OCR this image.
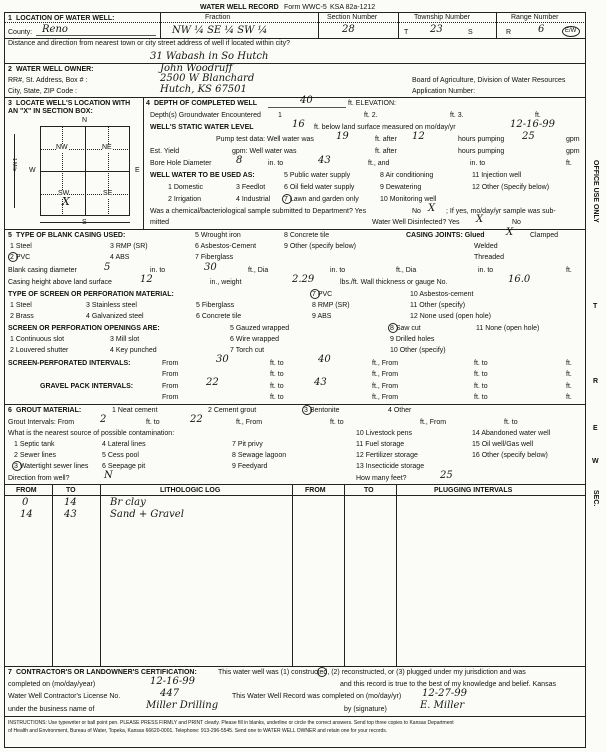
WATER WELL RECORD Form WWC-5 KSA 82a-1212
1 LOCATION OF WATER WELL:	Fraction	Section Number	Township Number	Range Number
County: Reno	NW ¼ SE ¼ SW ¼	28	T 23	S	R	6	E/W
Distance and direction from nearest town or city street address of well if located within city?
31 Wabash in So Hutch
2 WATER WELL OWNER:	John Woodruff
RR#, St. Address, Box # :	2500 W Blanchard
City, State, ZIP Code :	Hutch, KS 67501
Board of Agriculture, Division of Water Resources
Application Number:
3 LOCATE WELL'S LOCATION WITH
AN "X" IN SECTION BOX:
N
S
W	E
NW	NE
SW	SE
X
1 Mile
4 DEPTH OF COMPLETED WELL	40	ft. ELEVATION:
Depth(s) Groundwater Encountered 1	ft. 2.	ft. 3.	ft.
WELL'S STATIC WATER LEVEL	16 ft. below land surface measured on mo/day/yr	12-16-99
Pump test data: Well water was 19	ft. after 12	hours pumping 25	gpm
Est. Yield	gpm: Well water was	ft. after	hours pumping	gpm
Bore Hole Diameter 8	in. to	43	ft., and	in. to	ft.
WELL WATER TO BE USED AS:
1 Domestic	3 Feedlot
5 Public water supply	8 Air conditioning	11 Injection well
2 Irrigation	4 Industrial 7 Lawn and garden only
9 Dewatering	12 Other (Specify below)
6 Oil field water supply
10 Monitoring well
Was a chemical/bacteriological sample submitted to Department? Yes	No X ; If yes, mo/day/yr sample was sub-
mitted	Water Well Disinfected? Yes X	No
5 TYPE OF BLANK CASING USED:
1 Steel	3 RMP (SR)
5 Wrought iron	8 Concrete tile
2 PVC	4 ABS
6 Asbestos-Cement
7 Fiberglass
9 Other (specify below)
CASING JOINTS: Glued X Clamped
Welded
Threaded
Blank casing diameter	5	in. to	30	ft., Dia	in. to	ft., Dia	in. to	ft.
Casing height above land surface	12	in., weight	2.29	lbs./ft. Wall thickness or gauge No.	16.0
TYPE OF SCREEN OR PERFORATION MATERIAL:
1 Steel	3 Stainless steel	5 Fiberglass
7 PVC	10 Asbestos-cement
2 Brass	4 Galvanized steel	6 Concrete tile
8 RMP (SR)
9 ABS
11 Other (specify)
12 None used (open hole)
SCREEN OR PERFORATION OPENINGS ARE:
1 Continuous slot	3 Mill slot
5 Gauzed wrapped	8 Saw cut	11 None (open hole)
2 Louvered shutter	4 Key punched
6 Wire wrapped	9 Drilled holes
7 Torch cut	10 Other (specify)
SCREEN-PERFORATED INTERVALS:	From	30	ft. to	40	ft., From	ft. to	ft.
From	ft. to	ft., From	ft. to	ft.
GRAVEL PACK INTERVALS:	From	22	ft. to	43	ft., From	ft. to	ft.
From	ft. to	ft., From	ft. to	ft.
6 GROUT MATERIAL:	1 Neat cement	2 Cement grout	3 Bentonite	4 Other
Grout Intervals: From	2	ft. to	22	ft., From	ft. to	ft., From	ft. to
What is the nearest source of possible contamination:
1 Septic tank	4 Lateral lines	7 Pit privy
10 Livestock pens	14 Abandoned water well
2 Sewer lines	5 Cess pool	8 Sewage lagoon
11 Fuel storage	15 Oil well/Gas well
3 Watertight sewer lines 6 Seepage pit	9 Feedyard
12 Fertilizer storage	16 Other (specify below)
13 Insecticide storage
Direction from well?	N	How many feet?	25
FROM	TO	LITHOLOGIC LOG	FROM	TO	PLUGGING INTERVALS
0	14	Br clay
14	43	Sand + Gravel
7 CONTRACTOR'S OR LANDOWNER'S CERTIFICATION:	This water well was (1) constructed, (2) reconstructed, or (3) plugged under my jurisdiction and was
completed on (mo/day/year)	12-16-99	and this record is true to the best of my knowledge and belief. Kansas
Water Well Contractor's License No.	447	This Water Well Record was completed on (mo/day/yr) 12-27-99
under the business name of	Miller Drilling	by (signature)	E. Miller
INSTRUCTIONS: Use typewriter or ball point pen. PLEASE PRESS FIRMLY and PRINT clearly. Please fill in blanks, underline or circle the correct answers. Send top three copies to Kansas Department
of Health and Environment, Bureau of Water, Topeka, Kansas 66620-0001. Telephone: 913-296-5545. Send one to WATER WELL OWNER and retain one for your records.
OFFICE USE ONLY
T
R
E
W
SEC.
